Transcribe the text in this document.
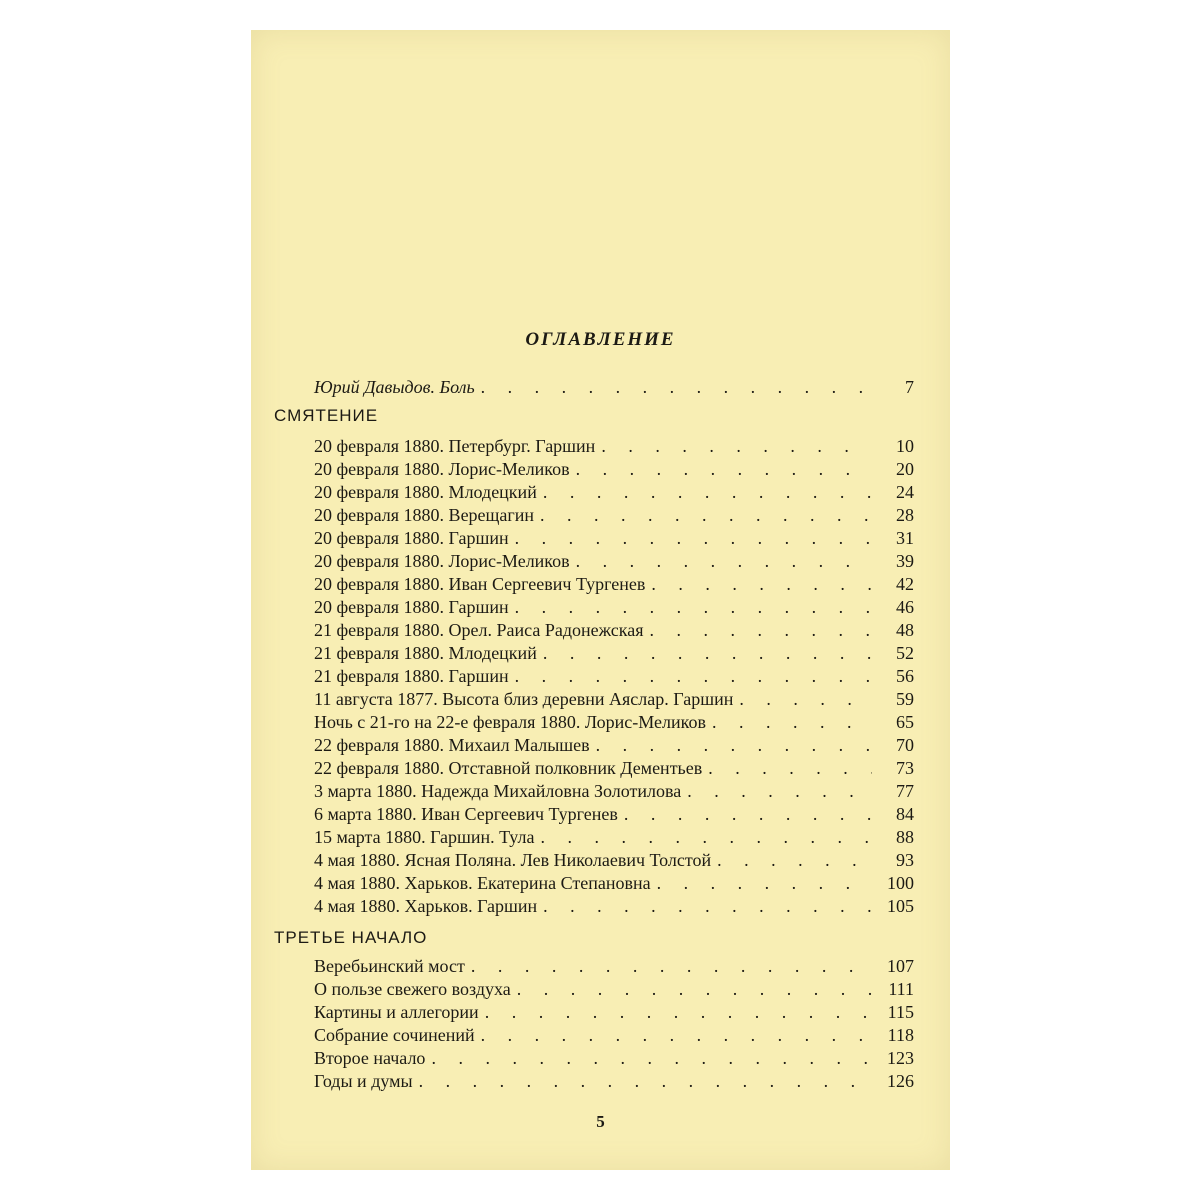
ОГЛАВЛЕНИЕ
Юрий Давыдов. Боль . . .	7
СМЯТЕНИЕ
20 февраля 1880. Петербург. Гаршин . . .	10
20 февраля 1880. Лорис-Меликов . . .	20
20 февраля 1880. Млодецкий . . .	24
20 февраля 1880. Верещагин . . .	28
20 февраля 1880. Гаршин . . .	31
20 февраля 1880. Лорис-Меликов . . .	39
20 февраля 1880. Иван Сергеевич Тургенев . . .	42
20 февраля 1880. Гаршин . . .	46
21 февраля 1880. Орел. Раиса Радонежская . . .	48
21 февраля 1880. Млодецкий . . .	52
21 февраля 1880. Гаршин . . .	56
11 августа 1877. Высота близ деревни Аяслар. Гаршин . . .	59
Ночь с 21-го на 22-е февраля 1880. Лорис-Меликов . . .	65
22 февраля 1880. Михаил Малышев . . .	70
22 февраля 1880. Отставной полковник Дементьев . . .	73
3 марта 1880. Надежда Михайловна Золотилова . . .	77
6 марта 1880. Иван Сергеевич Тургенев . . .	84
15 марта 1880. Гаршин. Тула . . .	88
4 мая 1880. Ясная Поляна. Лев Николаевич Толстой . . .	93
4 мая 1880. Харьков. Екатерина Степановна . . .	100
4 мая 1880. Харьков. Гаршин . . .	105
ТРЕТЬЕ НАЧАЛО
Веребьинский мост . . .	107
О пользе свежего воздуха . . .	111
Картины и аллегории . . .	115
Собрание сочинений . . .	118
Второе начало . . .	123
Годы и думы . . .	126
5
